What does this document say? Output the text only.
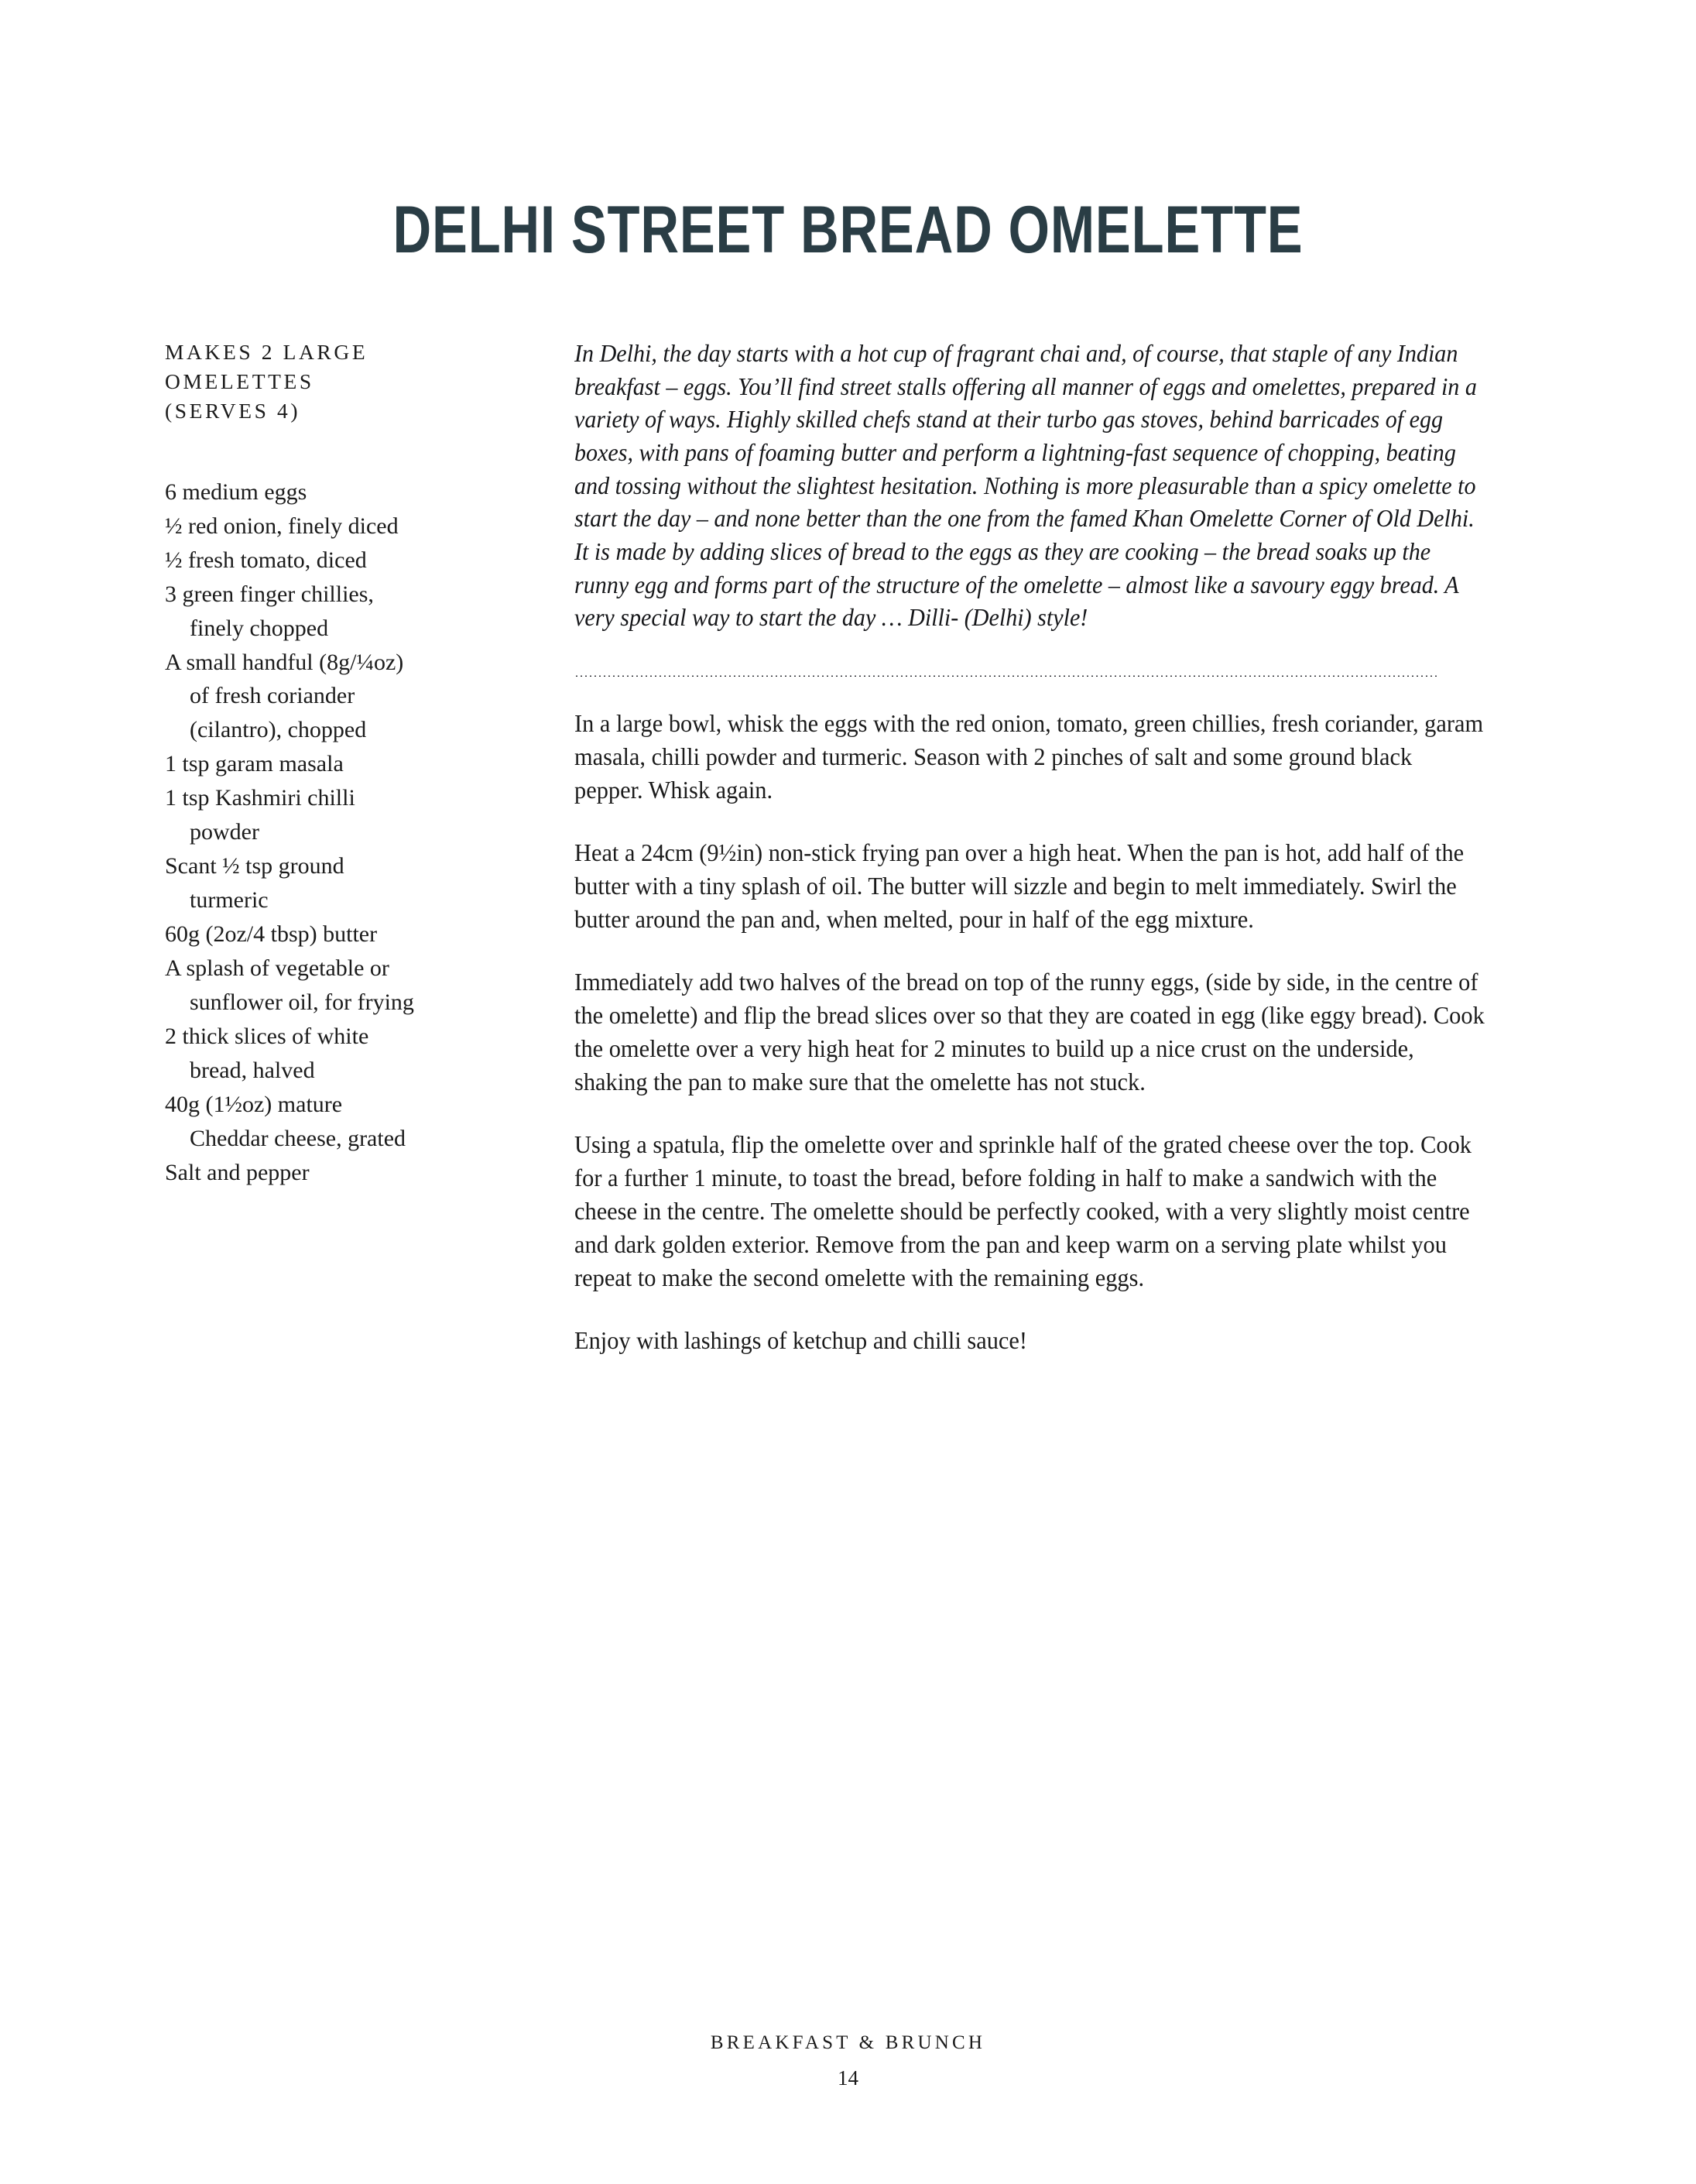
DELHI STREET BREAD OMELETTE
MAKES 2 LARGE
OMELETTES
(SERVES 4)
6 medium eggs
½ red onion, finely diced
½ fresh tomato, diced
3 green finger chillies,
finely chopped
A small handful (8g/¼oz)
of fresh coriander
(cilantro), chopped
1 tsp garam masala
1 tsp Kashmiri chilli
powder
Scant ½ tsp ground
turmeric
60g (2oz/4 tbsp) butter
A splash of vegetable or
sunflower oil, for frying
2 thick slices of white
bread, halved
40g (1½oz) mature
Cheddar cheese, grated
Salt and pepper

In Delhi, the day starts with a hot cup of fragrant chai and, of course, that staple of any Indian breakfast – eggs. You’ll find street stalls offering all manner of eggs and omelettes, prepared in a variety of ways. Highly skilled chefs stand at their turbo gas stoves, behind barricades of egg boxes, with pans of foaming butter and perform a lightning-fast sequence of chopping, beating and tossing without the slightest hesitation. Nothing is more pleasurable than a spicy omelette to start the day – and none better than the one from the famed Khan Omelette Corner of Old Delhi. It is made by adding slices of bread to the eggs as they are cooking – the bread soaks up the runny egg and forms part of the structure of the omelette – almost like a savoury eggy bread. A very special way to start the day … Dilli- (Delhi) style!

In a large bowl, whisk the eggs with the red onion, tomato, green chillies, fresh coriander, garam masala, chilli powder and turmeric. Season with 2 pinches of salt and some ground black pepper. Whisk again.

Heat a 24cm (9½in) non-stick frying pan over a high heat. When the pan is hot, add half of the butter with a tiny splash of oil. The butter will sizzle and begin to melt immediately. Swirl the butter around the pan and, when melted, pour in half of the egg mixture.

Immediately add two halves of the bread on top of the runny eggs, (side by side, in the centre of the omelette) and flip the bread slices over so that they are coated in egg (like eggy bread). Cook the omelette over a very high heat for 2 minutes to build up a nice crust on the underside, shaking the pan to make sure that the omelette has not stuck.

Using a spatula, flip the omelette over and sprinkle half of the grated cheese over the top. Cook for a further 1 minute, to toast the bread, before folding in half to make a sandwich with the cheese in the centre. The omelette should be perfectly cooked, with a very slightly moist centre and dark golden exterior. Remove from the pan and keep warm on a serving plate whilst you repeat to make the second omelette with the remaining eggs.

Enjoy with lashings of ketchup and chilli sauce!

BREAKFAST & BRUNCH
14
